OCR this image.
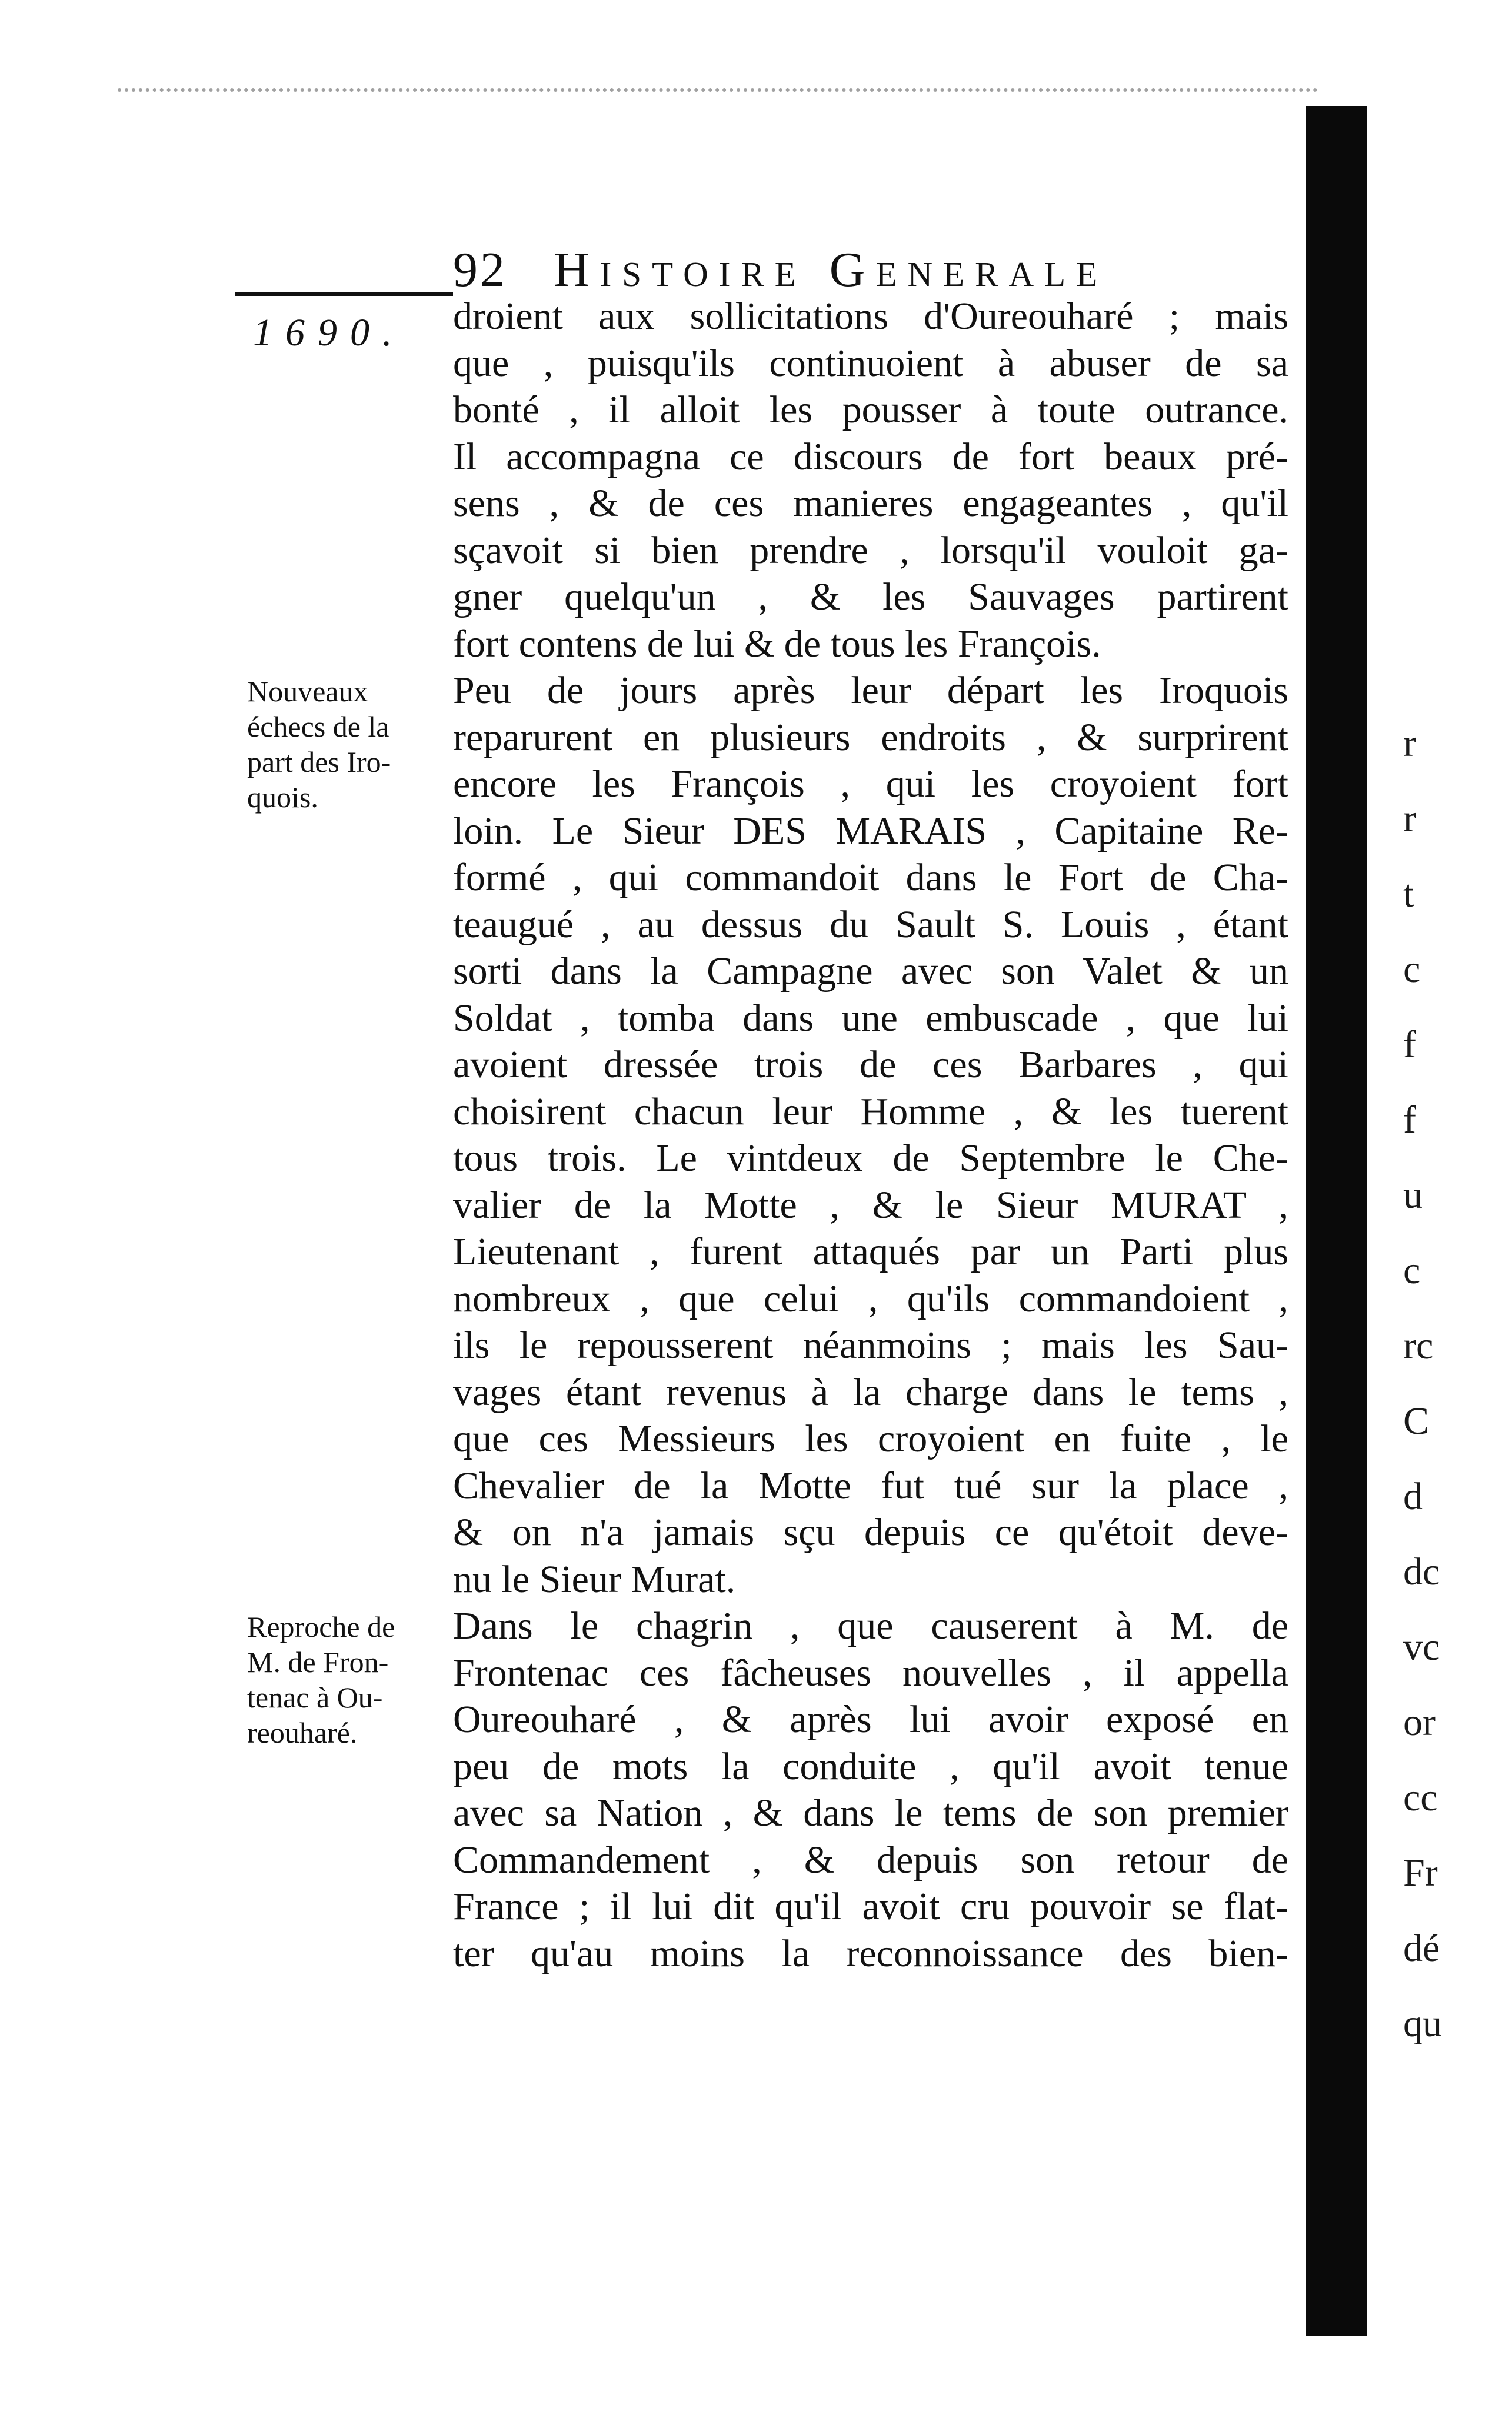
92 Histoire Generale
1690.
Nouveaux
échecs de la
part des Iro-
quois.
Reproche de
M. de Fron-
tenac à Ou-
reouharé.
droient aux sollicitations d'Oureouharé ; mais
que , puisqu'ils continuoient à abuser de sa
bonté , il alloit les pousser à toute outrance.
Il accompagna ce discours de fort beaux pré-
sens , & de ces manieres engageantes , qu'il
sçavoit si bien prendre , lorsqu'il vouloit ga-
gner quelqu'un , & les Sauvages partirent
fort contens de lui & de tous les François.
Peu de jours après leur départ les Iroquois
reparurent en plusieurs endroits , & surprirent
encore les François , qui les croyoient fort
loin. Le Sieur DES MARAIS , Capitaine Re-
formé , qui commandoit dans le Fort de Cha-
teaugué , au dessus du Sault S. Louis , étant
sorti dans la Campagne avec son Valet & un
Soldat , tomba dans une embuscade , que lui
avoient dressée trois de ces Barbares , qui
choisirent chacun leur Homme , & les tuerent
tous trois. Le vintdeux de Septembre le Che-
valier de la Motte , & le Sieur MURAT ,
Lieutenant , furent attaqués par un Parti plus
nombreux , que celui , qu'ils commandoient ,
ils le repousserent néanmoins ; mais les Sau-
vages étant revenus à la charge dans le tems ,
que ces Messieurs les croyoient en fuite , le
Chevalier de la Motte fut tué sur la place ,
& on n'a jamais sçu depuis ce qu'étoit deve-
nu le Sieur Murat.
Dans le chagrin , que causerent à M. de
Frontenac ces fâcheuses nouvelles , il appella
Oureouharé , & après lui avoir exposé en
peu de mots la conduite , qu'il avoit tenue
avec sa Nation , & dans le tems de son premier
Commandement , & depuis son retour de
France ; il lui dit qu'il avoit cru pouvoir se flat-
ter qu'au moins la reconnoissance des bien-
r
r
t
c
f
f
u
c
rc
C
d
dc
vc
or
cc
Fr
dé
qu
